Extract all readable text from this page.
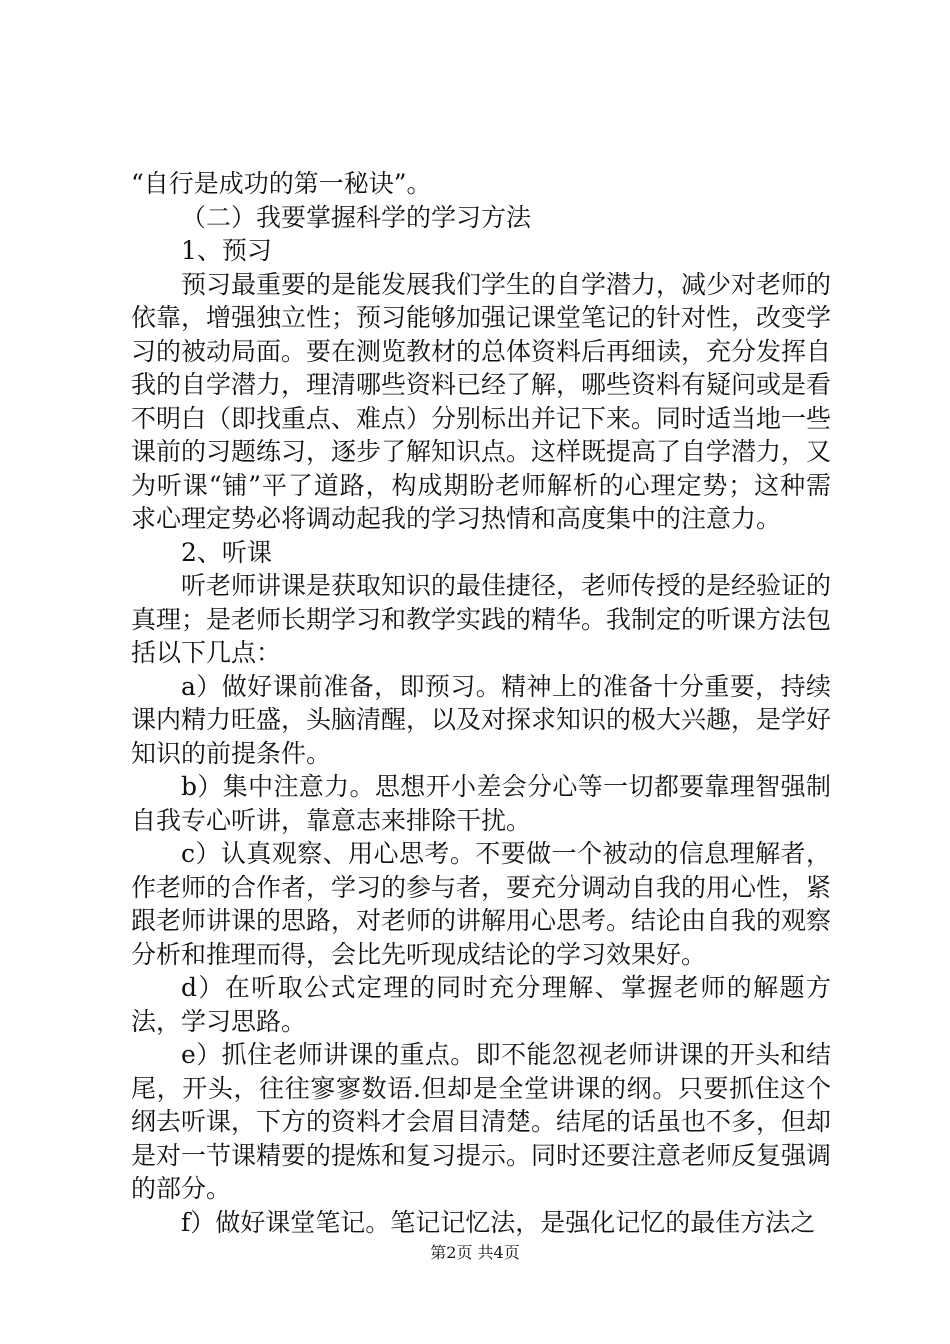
“自行是成功的第一秘诀”。

（二）我要掌握科学的学习方法

1、预习

预习最重要的是能发展我们学生的自学潜力，减少对老师的依靠，增强独立性；预习能够加强记课堂笔记的针对性，改变学习的被动局面。要在测览教材的总体资料后再细读，充分发挥自我的自学潜力，理清哪些资料已经了解，哪些资料有疑问或是看不明白（即找重点、难点）分别标出并记下来。同时适当地一些课前的习题练习，逐步了解知识点。这样既提高了自学潜力，又为听课“铺”平了道路，构成期盼老师解析的心理定势；这种需求心理定势必将调动起我的学习热情和高度集中的注意力。

2、听课

听老师讲课是获取知识的最佳捷径，老师传授的是经验证的真理；是老师长期学习和教学实践的精华。我制定的听课方法包括以下几点：

a）做好课前准备，即预习。精神上的准备十分重要，持续课内精力旺盛，头脑清醒，以及对探求知识的极大兴趣，是学好知识的前提条件。

b）集中注意力。思想开小差会分心等一切都要靠理智强制自我专心听讲，靠意志来排除干扰。

c）认真观察、用心思考。不要做一个被动的信息理解者，作老师的合作者，学习的参与者，要充分调动自我的用心性，紧跟老师讲课的思路，对老师的讲解用心思考。结论由自我的观察分析和推理而得，会比先听现成结论的学习效果好。

d）在听取公式定理的同时充分理解、掌握老师的解题方法，学习思路。

e）抓住老师讲课的重点。即不能忽视老师讲课的开头和结尾，开头，往往寥寥数语.但却是全堂讲课的纲。只要抓住这个纲去听课，下方的资料才会眉目清楚。结尾的话虽也不多，但却是对一节课精要的提炼和复习提示。同时还要注意老师反复强调的部分。

f）做好课堂笔记。笔记记忆法，是强化记忆的最佳方法之

第2页 共4页
